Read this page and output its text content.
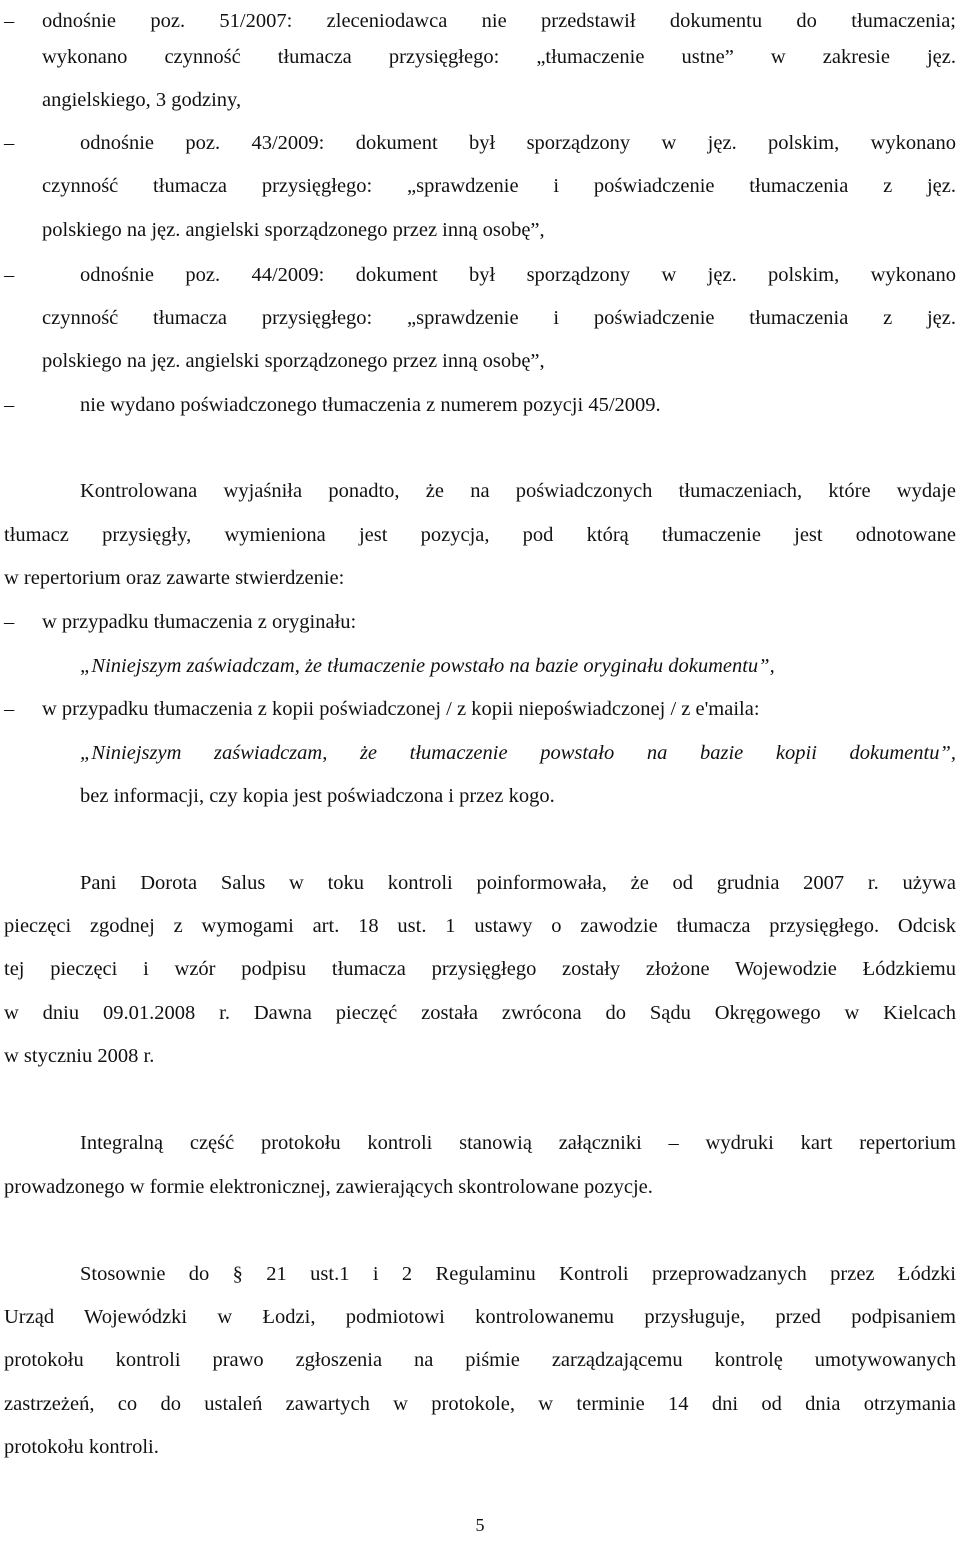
–	odnośnie poz. 51/2007: zleceniodawca nie przedstawił dokumentu do tłumaczenia;
wykonano czynność tłumacza przysięgłego: „tłumaczenie ustne” w zakresie jęz.
angielskiego, 3 godziny,
–	odnośnie poz. 43/2009: dokument był sporządzony w jęz. polskim, wykonano
czynność tłumacza przysięgłego: „sprawdzenie i poświadczenie tłumaczenia z jęz.
polskiego na jęz. angielski sporządzonego przez inną osobę”,
–	odnośnie poz. 44/2009: dokument był sporządzony w jęz. polskim, wykonano
czynność tłumacza przysięgłego: „sprawdzenie i poświadczenie tłumaczenia z jęz.
polskiego na jęz. angielski sporządzonego przez inną osobę”,
–	nie wydano poświadczonego tłumaczenia z numerem pozycji 45/2009.
Kontrolowana wyjaśniła ponadto, że na poświadczonych tłumaczeniach, które wydaje
tłumacz przysięgły, wymieniona jest pozycja, pod którą tłumaczenie jest odnotowane
w repertorium oraz zawarte stwierdzenie:
–	w przypadku tłumaczenia z oryginału:
„Niniejszym zaświadczam, że tłumaczenie powstało na bazie oryginału dokumentu”,
–	w przypadku tłumaczenia z kopii poświadczonej / z kopii niepoświadczonej / z e'maila:
„Niniejszym zaświadczam, że tłumaczenie powstało na bazie kopii dokumentu”,
bez informacji, czy kopia jest poświadczona i przez kogo.
Pani Dorota Salus w toku kontroli poinformowała, że od grudnia 2007 r. używa
pieczęci zgodnej z wymogami art. 18 ust. 1 ustawy o zawodzie tłumacza przysięgłego. Odcisk
tej pieczęci i wzór podpisu tłumacza przysięgłego zostały złożone Wojewodzie Łódzkiemu
w dniu 09.01.2008 r. Dawna pieczęć została zwrócona do Sądu Okręgowego w Kielcach
w styczniu 2008 r.
Integralną część protokołu kontroli stanowią załączniki – wydruki kart repertorium
prowadzonego w formie elektronicznej, zawierających skontrolowane pozycje.
Stosownie do § 21 ust.1 i 2 Regulaminu Kontroli przeprowadzanych przez Łódzki
Urząd Wojewódzki w Łodzi, podmiotowi kontrolowanemu przysługuje, przed podpisaniem
protokołu kontroli prawo zgłoszenia na piśmie zarządzającemu kontrolę umotywowanych
zastrzeżeń, co do ustaleń zawartych w protokole, w terminie 14 dni od dnia otrzymania
protokołu kontroli.
5
